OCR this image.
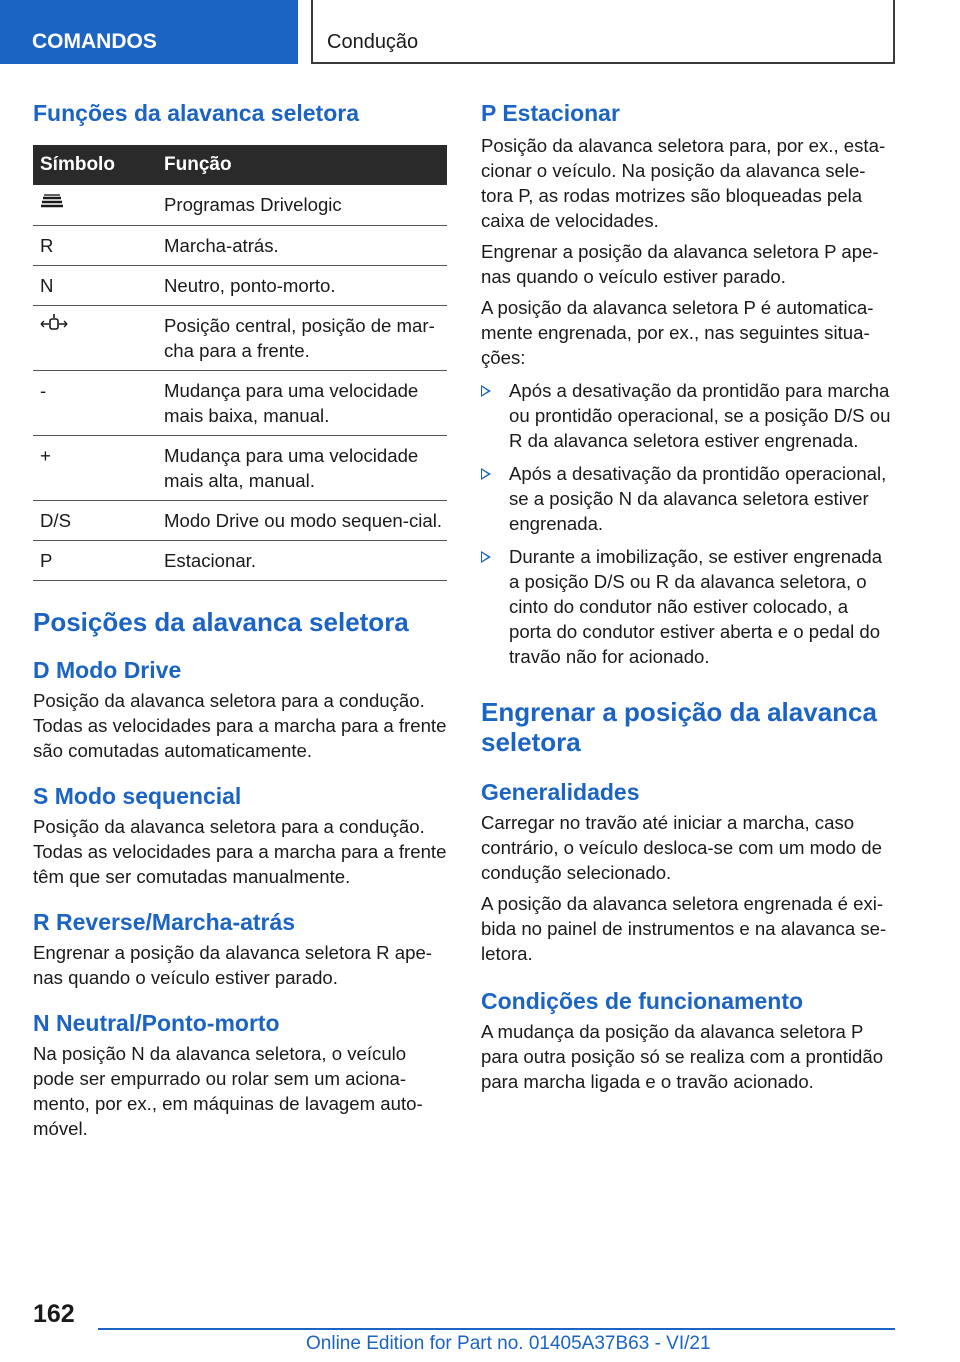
COMANDOS	Condução
Funções da alavanca seletora
Símbolo	Função
	Programas Drivelogic
R	Marcha-atrás.
N	Neutro, ponto-morto.
	Posição central, posição de mar-cha para a frente.
-	Mudança para uma velocidade mais baixa, manual.
+	Mudança para uma velocidade mais alta, manual.
D/S	Modo Drive ou modo sequen-cial.
P	Estacionar.
Posições da alavanca seletora
D Modo Drive

Posição da alavanca seletora para a condução. Todas as velocidades para a marcha para a frente são comutadas automaticamente.

S Modo sequencial

Posição da alavanca seletora para a condução. Todas as velocidades para a marcha para a frente têm que ser comutadas manualmente.

R Reverse/Marcha-atrás

Engrenar a posição da alavanca seletora R ape-nas quando o veículo estiver parado.

N Neutral/Ponto-morto

Na posição N da alavanca seletora, o veículo pode ser empurrado ou rolar sem um aciona-mento, por ex., em máquinas de lavagem auto-móvel.

P Estacionar

Posição da alavanca seletora para, por ex., esta-cionar o veículo. Na posição da alavanca sele-tora P, as rodas motrizes são bloqueadas pela caixa de velocidades.

Engrenar a posição da alavanca seletora P ape-nas quando o veículo estiver parado.

A posição da alavanca seletora P é automatica-mente engrenada, por ex., nas seguintes situa-ções:

Após a desativação da prontidão para marcha ou prontidão operacional, se a posição D/S ou R da alavanca seletora estiver engrenada.
Após a desativação da prontidão operacional, se a posição N da alavanca seletora estiver engrenada.
Durante a imobilização, se estiver engrenada a posição D/S ou R da alavanca seletora, o cinto do condutor não estiver colocado, a porta do condutor estiver aberta e o pedal do travão não for acionado.
Engrenar a posição da alavanca seletora
Generalidades

Carregar no travão até iniciar a marcha, caso contrário, o veículo desloca-se com um modo de condução selecionado.

A posição da alavanca seletora engrenada é exi-bida no painel de instrumentos e na alavanca se-letora.

Condições de funcionamento

A mudança da posição da alavanca seletora P para outra posição só se realiza com a prontidão para marcha ligada e o travão acionado.

162
Online Edition for Part no. 01405A37B63 - VI/21
